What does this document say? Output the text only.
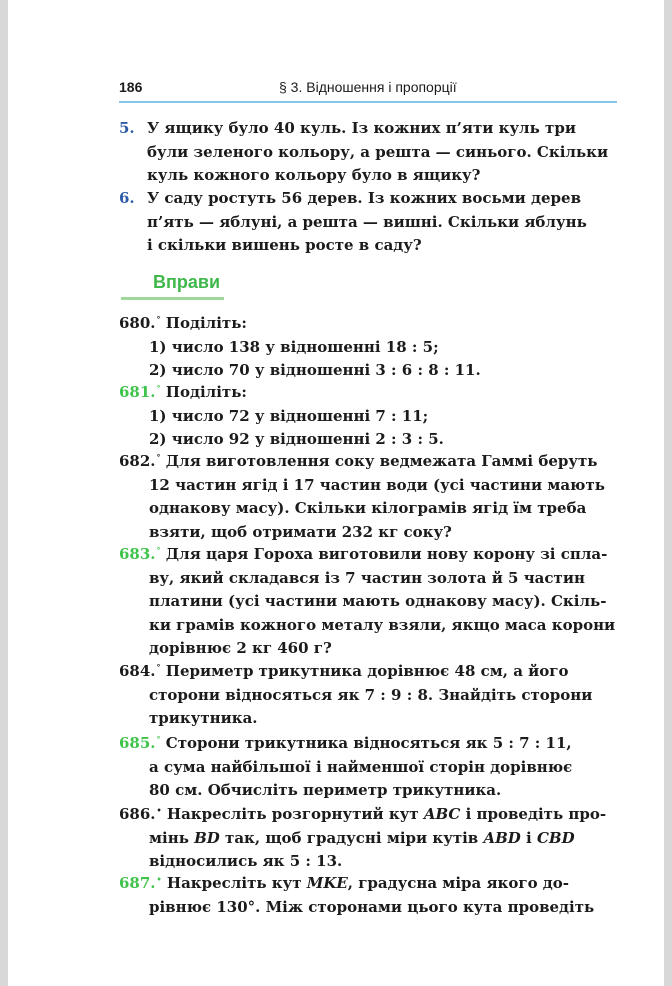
186	§ 3. Відношення і пропорції
5. У ящику було 40 куль. Із кожних п’яти куль три
були зеленого кольору, а решта — синього. Скільки
куль кожного кольору було в ящику?
6. У саду ростуть 56 дерев. Із кожних восьми дерев
п’ять — яблуні, а решта — вишні. Скільки яблунь
і скільки вишень росте в саду?
Вправи
680.° Поділіть:
1) число 138 у відношенні 18 : 5;
2) число 70 у відношенні 3 : 6 : 8 : 11.
681.° Поділіть:
1) число 72 у відношенні 7 : 11;
2) число 92 у відношенні 2 : 3 : 5.
682.° Для виготовлення соку ведмежата Гаммі беруть
12 частин ягід і 17 частин води (усі частини мають
однакову масу). Скільки кілограмів ягід їм треба
взяти, щоб отримати 232 кг соку?
683.° Для царя Гороха виготовили нову корону зі спла-
ву, який складався із 7 частин золота й 5 частин
платини (усі частини мають однакову масу). Скіль-
ки грамів кожного металу взяли, якщо маса корони
дорівнює 2 кг 460 г?
684.° Периметр трикутника дорівнює 48 см, а його
сторони відносяться як 7 : 9 : 8. Знайдіть сторони
трикутника.
685.° Сторони трикутника відносяться як 5 : 7 : 11,
а сума найбільшої і найменшої сторін дорівнює
80 см. Обчисліть периметр трикутника.
686.• Накресліть розгорнутий кут ABC і проведіть про-
мінь BD так, щоб градусні міри кутів ABD і CBD
відносились як 5 : 13.
687.• Накресліть кут MKE, градусна міра якого до-
рівнює 130°. Між сторонами цього кута проведіть
